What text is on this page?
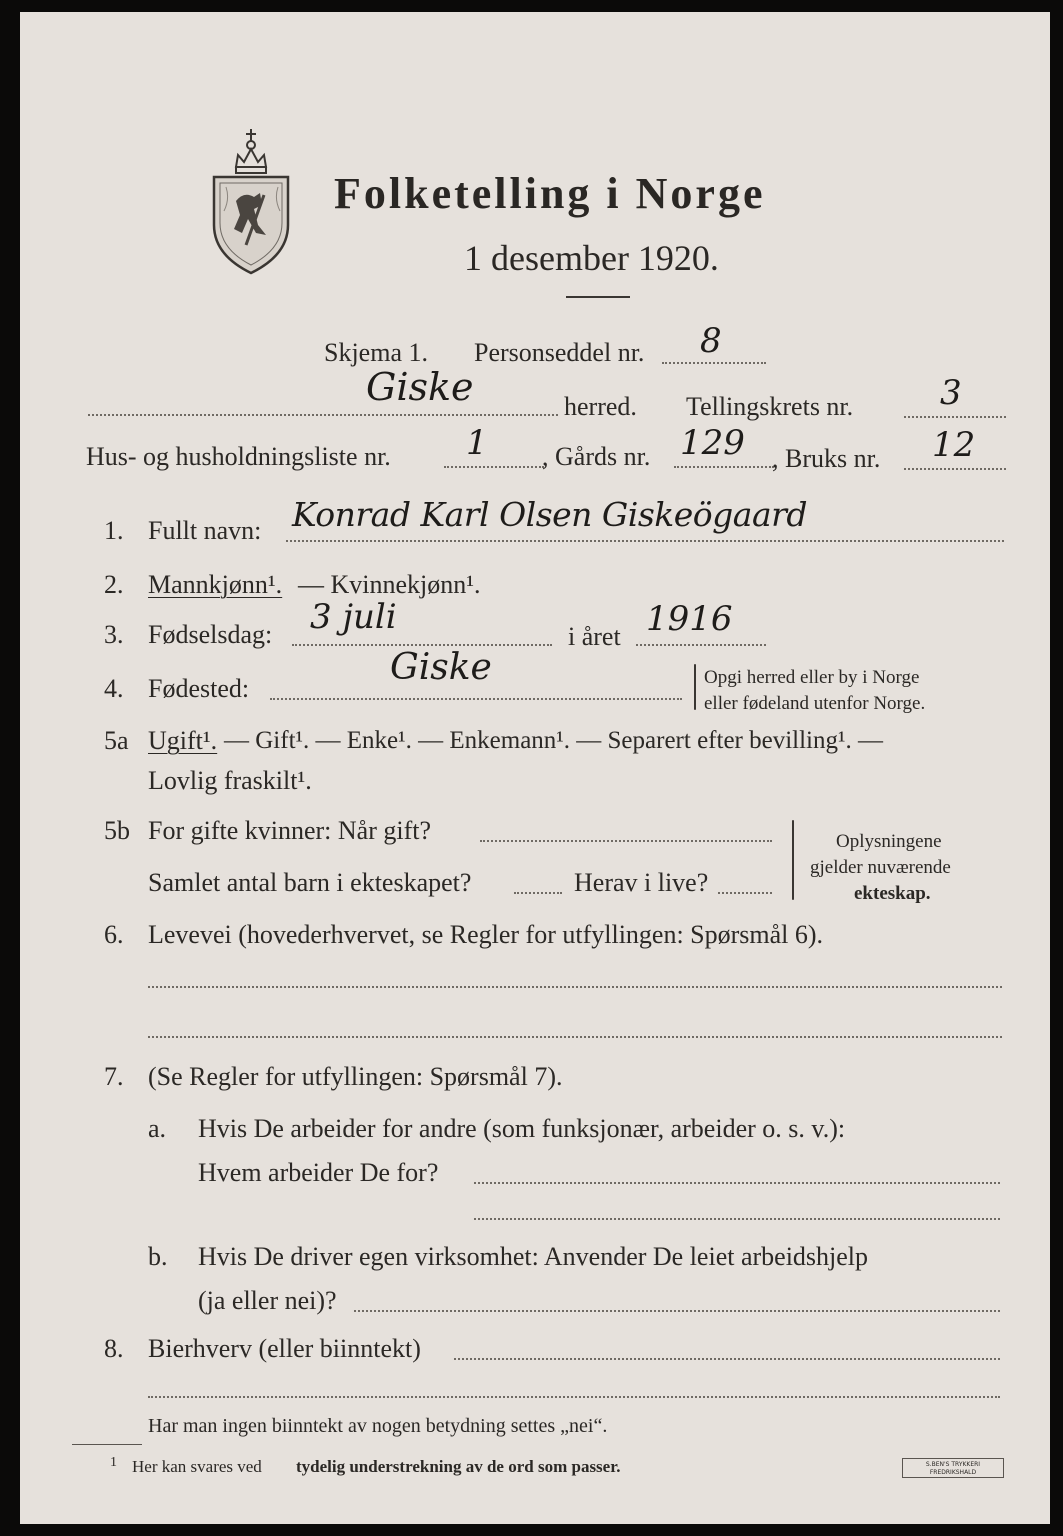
Folketelling i Norge
1 desember 1920.
Skjema 1. Personseddel nr. 8
Giske	herred. Tellingskrets nr.	3
Hus- og husholdningsliste nr. 1 , Gårds nr. 129 , Bruks nr. 12
1. Fullt navn: Konrad Karl Olsen Giskeögaard
2. Mannkjønn¹. — Kvinnekjønn¹.
3. Fødselsdag: 3 juli	i året 1916
4. Fødested:
Giske	Opgi herred eller by i Norge
eller fødeland utenfor Norge.
5a Ugift¹. — Gift¹. — Enke¹. — Enkemann¹. — Separert efter bevilling¹. —
Lovlig fraskilt¹.
5b For gifte kvinner: Når gift?
Samlet antal barn i ekteskapet?	Herav i live?
Oplysningene
gjelder nuværende
ekteskap.
6. Levevei (hovederhvervet, se Regler for utfyllingen: Spørsmål 6).
7. (Se Regler for utfyllingen: Spørsmål 7).
a. Hvis De arbeider for andre (som funksjonær, arbeider o. s. v.):
Hvem arbeider De for?
b. Hvis De driver egen virksomhet: Anvender De leiet arbeidshjelp
(ja eller nei)?
8. Bierhverv (eller biinntekt)
Har man ingen biinntekt av nogen betydning settes „nei“.
1 Her kan svares ved tydelig understrekning av de ord som passer.	S.BEN'S TRYKKERI
FREDRIKSHALD
